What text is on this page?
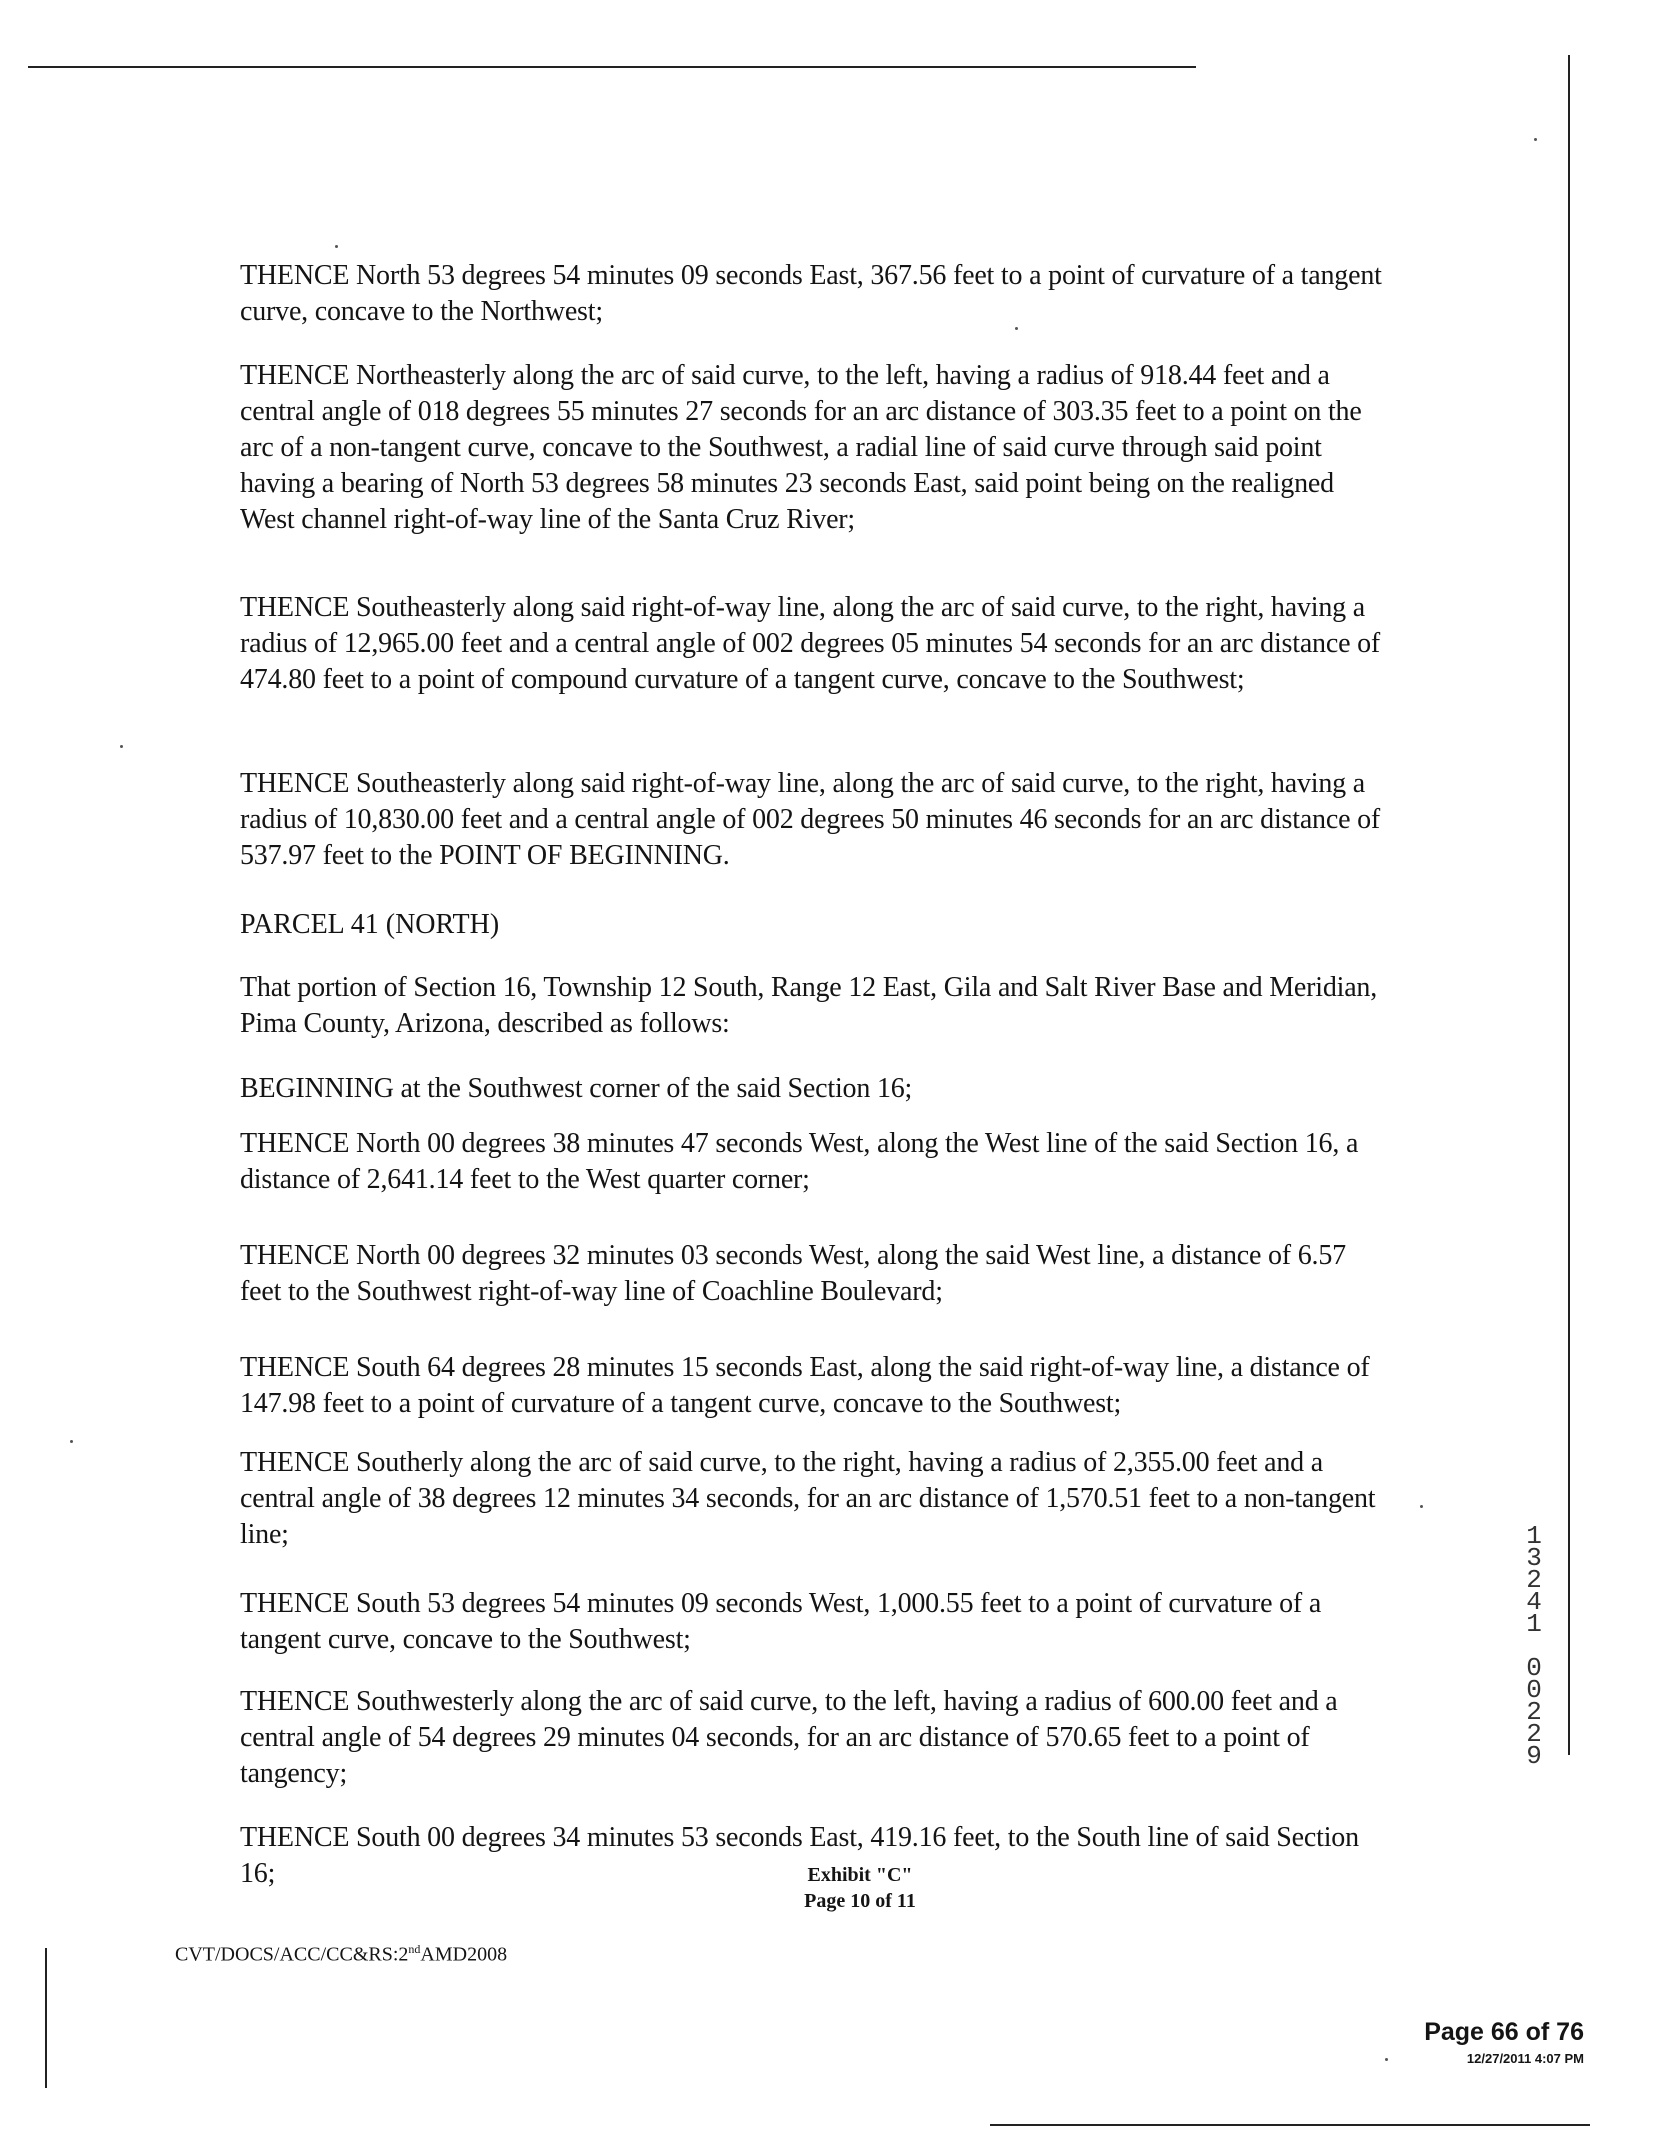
THENCE North 53 degrees 54 minutes 09 seconds East, 367.56 feet to a point of curvature of a tangent curve, concave to the Northwest;

THENCE Northeasterly along the arc of said curve, to the left, having a radius of 918.44 feet and a central angle of 018 degrees 55 minutes 27 seconds for an arc distance of 303.35 feet to a point on the arc of a non-tangent curve, concave to the Southwest, a radial line of said curve through said point having a bearing of North 53 degrees 58 minutes 23 seconds East, said point being on the realigned West channel right-of-way line of the Santa Cruz River;

THENCE Southeasterly along said right-of-way line, along the arc of said curve, to the right, having a radius of 12,965.00 feet and a central angle of 002 degrees 05 minutes 54 seconds for an arc distance of 474.80 feet to a point of compound curvature of a tangent curve, concave to the Southwest;

THENCE Southeasterly along said right-of-way line, along the arc of said curve, to the right, having a radius of 10,830.00 feet and a central angle of 002 degrees 50 minutes 46 seconds for an arc distance of 537.97 feet to the POINT OF BEGINNING.

PARCEL 41 (NORTH)

That portion of Section 16, Township 12 South, Range 12 East, Gila and Salt River Base and Meridian, Pima County, Arizona, described as follows:

BEGINNING at the Southwest corner of the said Section 16;

THENCE North 00 degrees 38 minutes 47 seconds West, along the West line of the said Section 16, a distance of 2,641.14 feet to the West quarter corner;

THENCE North 00 degrees 32 minutes 03 seconds West, along the said West line, a distance of 6.57 feet to the Southwest right-of-way line of Coachline Boulevard;

THENCE South 64 degrees 28 minutes 15 seconds East, along the said right-of-way line, a distance of 147.98 feet to a point of curvature of a tangent curve, concave to the Southwest;

THENCE Southerly along the arc of said curve, to the right, having a radius of 2,355.00 feet and a central angle of 38 degrees 12 minutes 34 seconds, for an arc distance of 1,570.51 feet to a non-tangent line;

THENCE South 53 degrees 54 minutes 09 seconds West, 1,000.55 feet to a point of curvature of a tangent curve, concave to the Southwest;

THENCE Southwesterly along the arc of said curve, to the left, having a radius of 600.00 feet and a central angle of 54 degrees 29 minutes 04 seconds, for an arc distance of 570.65 feet to a point of tangency;

THENCE South 00 degrees 34 minutes 53 seconds East, 419.16 feet, to the South line of said Section 16;	Exhibit "C"
Page 10 of 11
CVT/DOCS/ACC/CC&RS:2ndAMD2008
1
3
2
4
1
0
0
2
2
9
Page 66 of 76
12/27/2011 4:07 PM
